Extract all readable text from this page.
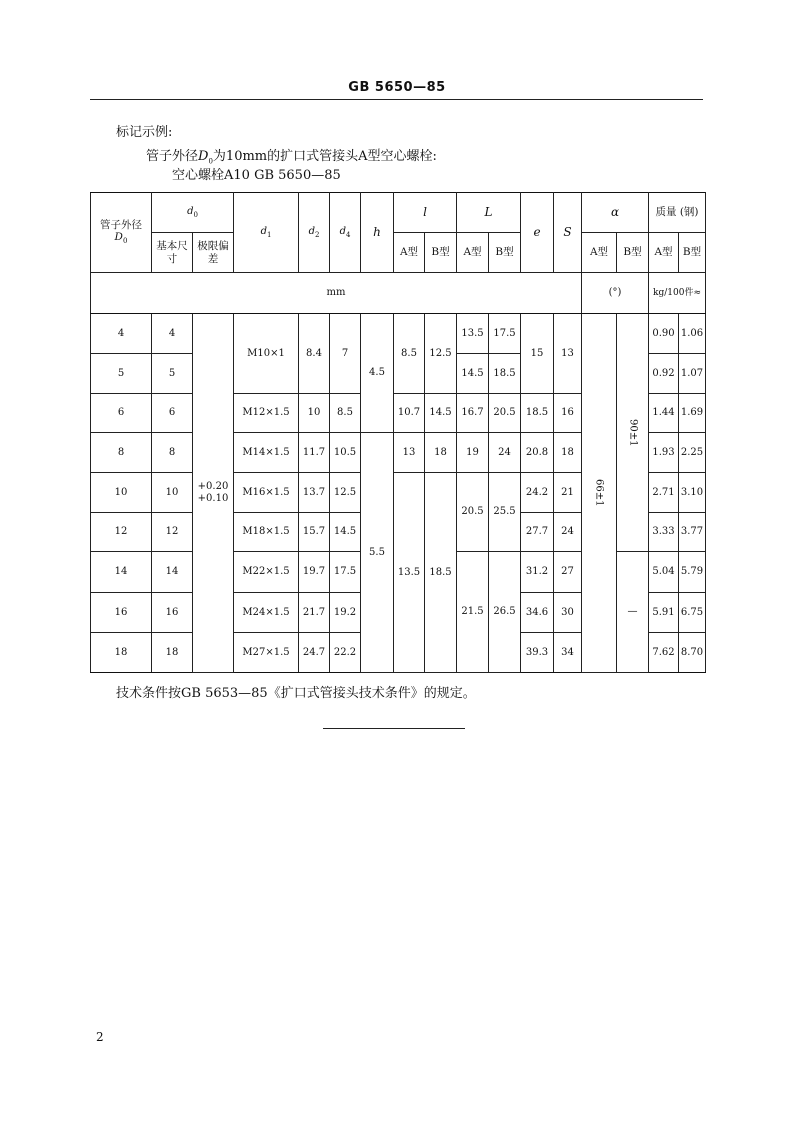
GB 5650—85
标记示例:
管子外径$D_0$为10mm的扩口式管接头A型空心螺栓:
空心螺栓A10 GB 5650—85
管子外径
$D_0$	$d_0$		$d_1$	$d_2$	$d_4$	h	l		L		e	S	α		质量 (钢)	
	基本尺寸	极限偏差					A型	B型	A型	B型			A型	B型	A型	B型
mm													(°)		kg/100件≈	
4	4	+0.20 +0.10	M10×1	8.4	7	4.5	8.5	12.5	13.5	17.5	15	13	66±1	90±1	0.90	1.06
5	5								14.5	18.5					0.92	1.07
6	6		M12×1.5	10	8.5		10.7	14.5	16.7	20.5	18.5	16			1.44	1.69
8	8		M14×1.5	11.7	10.5	5.5	13	18	19	24	20.8	18			1.93	2.25
10	10		M16×1.5	13.7	12.5		13.5	18.5	20.5	25.5	24.2	21			2.71	3.10
12	12		M18×1.5	15.7	14.5						27.7	24			3.33	3.77
14	14		M22×1.5	19.7	17.5				21.5	26.5	31.2	27		—	5.04	5.79
16	16		M24×1.5	21.7	19.2						34.6	30			5.91	6.75
18	18		M27×1.5	24.7	22.2						39.3	34			7.62	8.70
技术条件按GB 5653—85《扩口式管接头技术条件》的规定。
2
